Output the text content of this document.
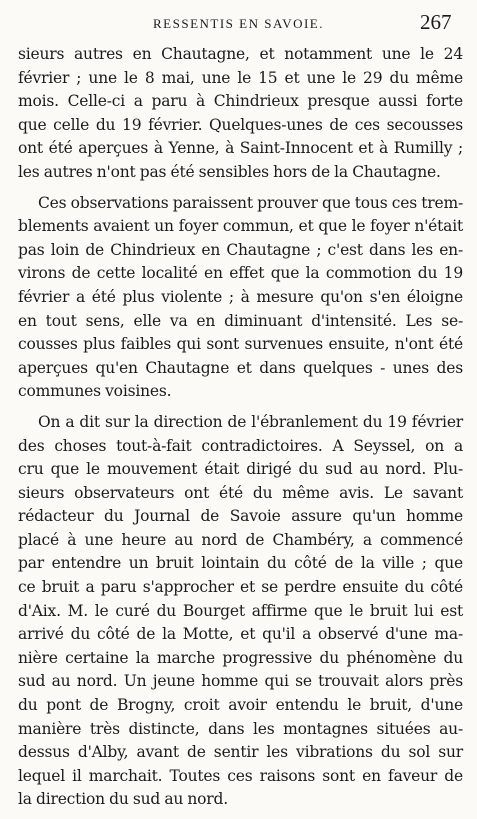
RESSENTIS EN SAVOIE.	267
sieurs autres en Chautagne, et notamment une le 24
février ; une le 8 mai, une le 15 et une le 29 du même
mois. Celle-ci a paru à Chindrieux presque aussi forte
que celle du 19 février. Quelques-unes de ces secousses
ont été aperçues à Yenne, à Saint-Innocent et à Rumilly ;
les autres n'ont pas été sensibles hors de la Chautagne.
Ces observations paraissent prouver que tous ces trem-
blements avaient un foyer commun, et que le foyer n'était
pas loin de Chindrieux en Chautagne ; c'est dans les en-
virons de cette localité en effet que la commotion du 19
février a été plus violente ; à mesure qu'on s'en éloigne
en tout sens, elle va en diminuant d'intensité. Les se-
cousses plus faibles qui sont survenues ensuite, n'ont été
aperçues qu'en Chautagne et dans quelques - unes des
communes voisines.
On a dit sur la direction de l'ébranlement du 19 février
des choses tout-à-fait contradictoires. A Seyssel, on a
cru que le mouvement était dirigé du sud au nord. Plu-
sieurs observateurs ont été du même avis. Le savant
rédacteur du Journal de Savoie assure qu'un homme
placé à une heure au nord de Chambéry, a commencé
par entendre un bruit lointain du côté de la ville ; que
ce bruit a paru s'approcher et se perdre ensuite du côté
d'Aix. M. le curé du Bourget affirme que le bruit lui est
arrivé du côté de la Motte, et qu'il a observé d'une ma-
nière certaine la marche progressive du phénomène du
sud au nord. Un jeune homme qui se trouvait alors près
du pont de Brogny, croit avoir entendu le bruit, d'une
manière très distincte, dans les montagnes situées au-
dessus d'Alby, avant de sentir les vibrations du sol sur
lequel il marchait. Toutes ces raisons sont en faveur de
la direction du sud au nord.
